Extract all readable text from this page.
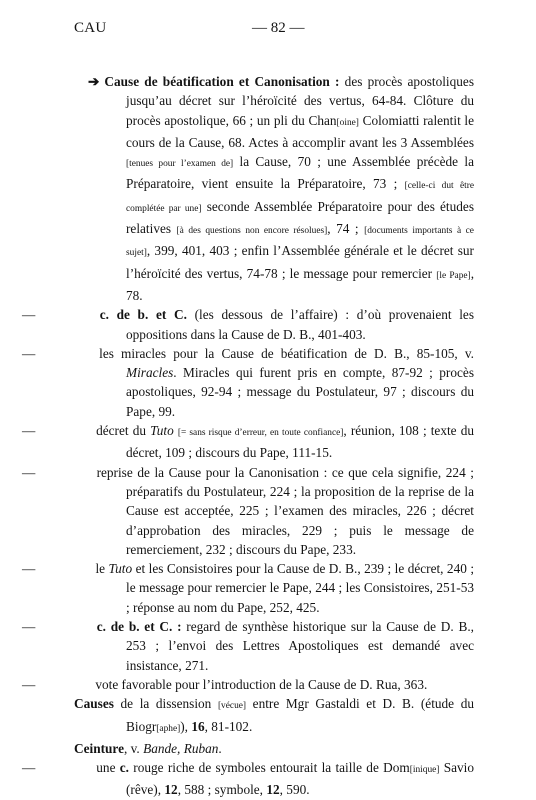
CAU	— 82 —
➔ Cause de béatification et Canonisation : des procès apostoliques jusqu’au décret sur l’héroïcité des vertus, 64-84. Clôture du procès apostolique, 66 ; un pli du Chan[oine] Colomiatti ralentit le cours de la Cause, 68. Actes à accomplir avant les 3 Assemblées [tenues pour l’examen de] la Cause, 70 ; une Assemblée précède la Préparatoire, vient ensuite la Préparatoire, 73 ; [celle-ci dut être complétée par une] seconde Assemblée Préparatoire pour des études relatives [à des questions non encore résolues], 74 ; [documents importants à ce sujet], 399, 401, 403 ; enfin l’Assemblée générale et le décret sur l’héroïcité des vertus, 74-78 ; le message pour remercier [le Pape], 78.
—	c. de b. et C. (les dessous de l’affaire) : d’où provenaient les oppositions dans la Cause de D. B., 401-403.
—	les miracles pour la Cause de béatification de D. B., 85-105, v. Miracles. Miracles qui furent pris en compte, 87-92 ; procès apostoliques, 92-94 ; message du Postulateur, 97 ; discours du Pape, 99.
—	décret du Tuto [= sans risque d’erreur, en toute confiance], réunion, 108 ; texte du décret, 109 ; discours du Pape, 111-15.
—	reprise de la Cause pour la Canonisation : ce que cela signifie, 224 ; préparatifs du Postulateur, 224 ; la proposition de la reprise de la Cause est acceptée, 225 ; l’examen des miracles, 226 ; décret d’approbation des miracles, 229 ; puis le message de remerciement, 232 ; discours du Pape, 233.
—	le Tuto et les Consistoires pour la Cause de D. B., 239 ; le décret, 240 ; le message pour remercier le Pape, 244 ; les Consistoires, 251-53 ; réponse au nom du Pape, 252, 425.
—	c. de b. et C. : regard de synthèse historique sur la Cause de D. B., 253 ; l’envoi des Lettres Apostoliques est demandé avec insistance, 271.
—	vote favorable pour l’introduction de la Cause de D. Rua, 363.
Causes de la dissension [vécue] entre Mgr Gastaldi et D. B. (étude du Biogr[aphe]), 16, 81-102.
Ceinture, v. Bande, Ruban.
—	une c. rouge riche de symboles entourait la taille de Dom[inique] Savio (rêve), 12, 588 ; symbole, 12, 590.
